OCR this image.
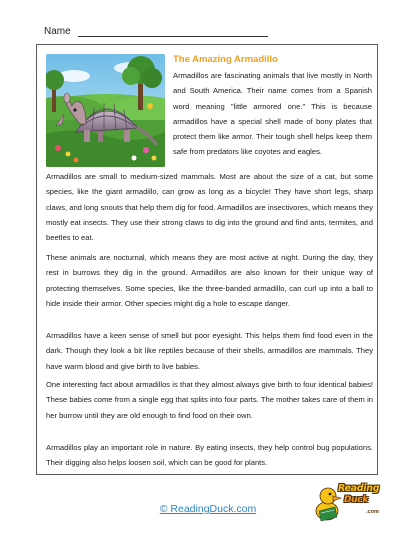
Name
The Amazing Armadillo
Armadillos are fascinating animals that live mostly in North and South America. Their name comes from a Spanish word meaning "little armored one." This is because armadillos have a special shell made of bony plates that protect them like armor. Their tough shell helps keep them safe from predators like coyotes and eagles.
Armadillos are small to medium-sized mammals. Most are about the size of a cat, but some species, like the giant armadillo, can grow as long as a bicycle! They have short legs, sharp claws, and long snouts that help them dig for food. Armadillos are insectivores, which means they mostly eat insects. They use their strong claws to dig into the ground and find ants, termites, and beetles to eat.
These animals are nocturnal, which means they are most active at night. During the day, they rest in burrows they dig in the ground. Armadillos are also known for their unique way of protecting themselves. Some species, like the three-banded armadillo, can curl up into a ball to hide inside their armor. Other species might dig a hole to escape danger.
Armadillos have a keen sense of smell but poor eyesight. This helps them find food even in the dark. Though they look a bit like reptiles because of their shells, armadillos are mammals. They have warm blood and give birth to live babies.
One interesting fact about armadillos is that they almost always give birth to four identical babies! These babies come from a single egg that splits into four parts. The mother takes care of them in her burrow until they are old enough to find food on their own.
Armadillos play an important role in nature. By eating insects, they help control bug populations. Their digging also helps loosen soil, which can be good for plants.
© ReadingDuck.com
Reading
Duck
.com
